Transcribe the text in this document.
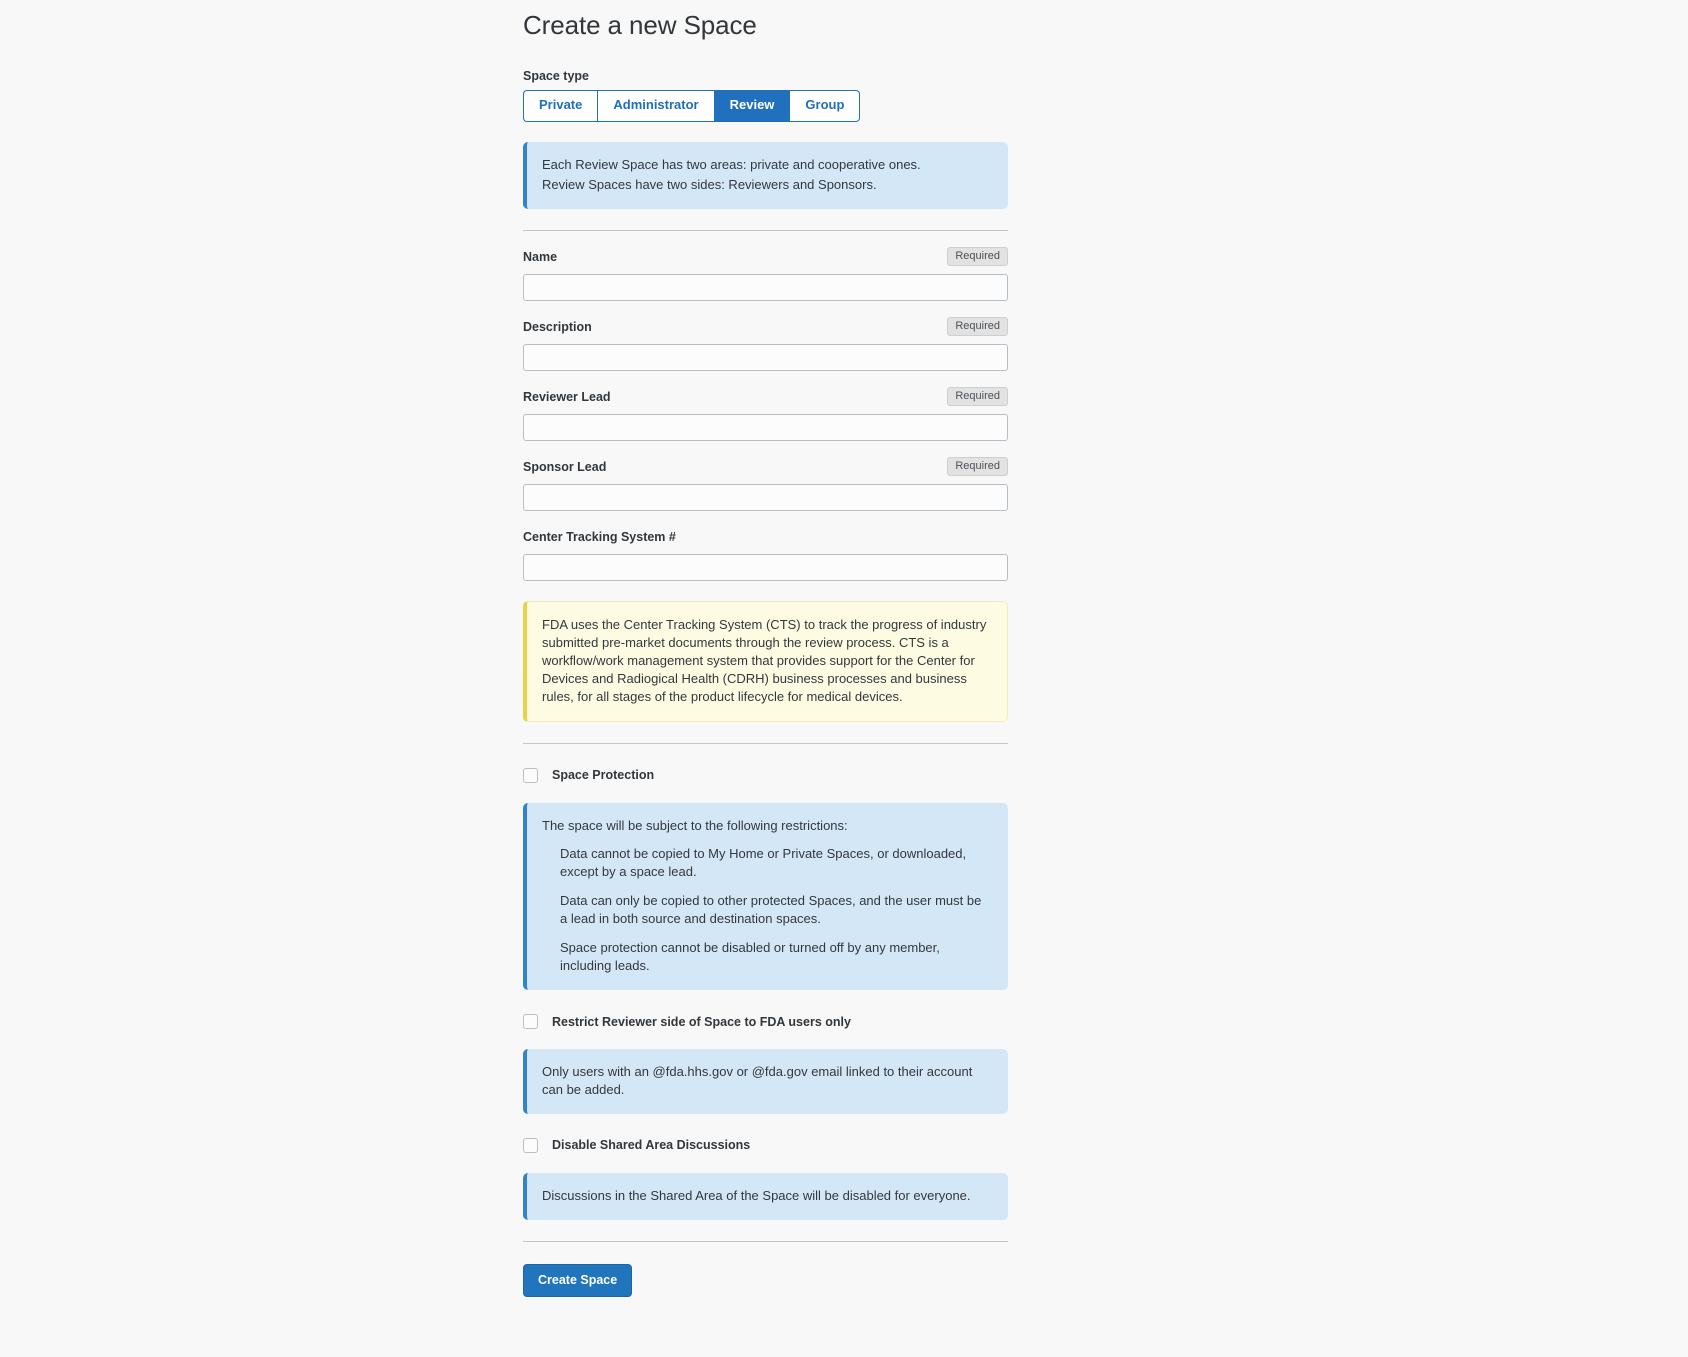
Create a new Space
Space type
Private	Administrator	Review	Group

Each Review Space has two areas: private and cooperative ones.

Review Spaces have two sides: Reviewers and Sponsors.

Name	Required
Description	Required
Reviewer Lead	Required
Sponsor Lead	Required
Center Tracking System #

FDA uses the Center Tracking System (CTS) to track the progress of industry submitted pre-market documents through the review process. CTS is a workflow/work management system that provides support for the Center for Devices and Radiogical Health (CDRH) business processes and business rules, for all stages of the product lifecycle for medical devices.

Space Protection

The space will be subject to the following restrictions:

Data cannot be copied to My Home or Private Spaces, or downloaded, except by a space lead.
Data can only be copied to other protected Spaces, and the user must be a lead in both source and destination spaces.
Space protection cannot be disabled or turned off by any member, including leads.
Restrict Reviewer side of Space to FDA users only

Only users with an @fda.hhs.gov or @fda.gov email linked to their account can be added.

Disable Shared Area Discussions

Discussions in the Shared Area of the Space will be disabled for everyone.

Create Space
